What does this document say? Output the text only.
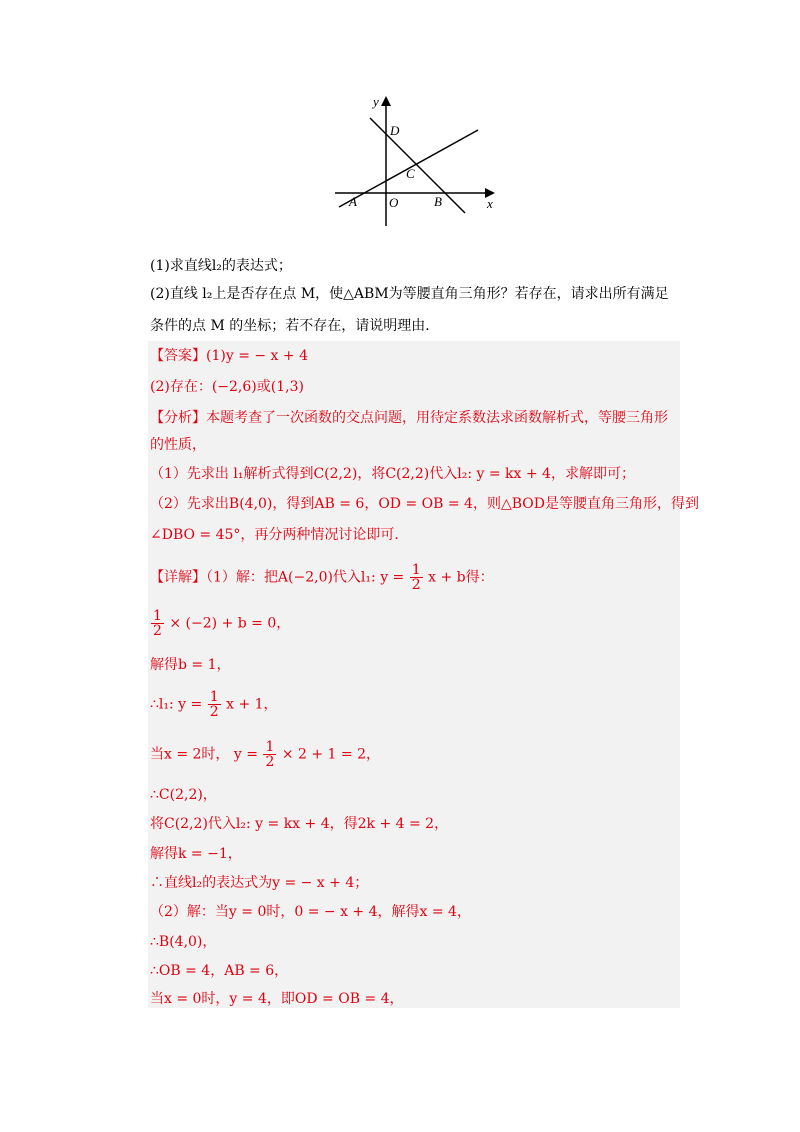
y
x
D
C
A O	B
(1)求直线l₂的表达式；
(2)直线 l₂上是否存在点 M，使△ABM为等腰直角三角形？若存在，请求出所有满足
条件的点 M 的坐标；若不存在，请说明理由．
【答案】(1)y = − x + 4
(2)存在：(−2,6)或(1,3)
【分析】本题考查了一次函数的交点问题，用待定系数法求函数解析式，等腰三角形
的性质，
（1）先求出 l₁解析式得到C(2,2)，将C(2,2)代入l₂: y = kx + 4，求解即可；
（2）先求出B(4,0)，得到AB = 6，OD = OB = 4，则△BOD是等腰直角三角形，得到
∠DBO = 45°，再分两种情况讨论即可．
【详解】（1）解：把A(−2,0)代入l₁: $y = \frac{1}{2}$ x + b得：
$\frac{1}{2} \times (-2) + b = 0$，
解得b = 1，
∴l₁: $y = \frac{1}{2}$ x + 1，
当x = 2时， $y = \frac{1}{2} \times 2 + 1 = 2$，
∴C(2,2)，
将C(2,2)代入l₂: y = kx + 4，得2k + 4 = 2，
解得k = −1，
∴直线l₂的表达式为y = − x + 4；
（2）解：当y = 0时，0 = − x + 4，解得x = 4，
∴B(4,0)，
∴OB = 4，AB = 6，
当x = 0时，y = 4，即OD = OB = 4，
